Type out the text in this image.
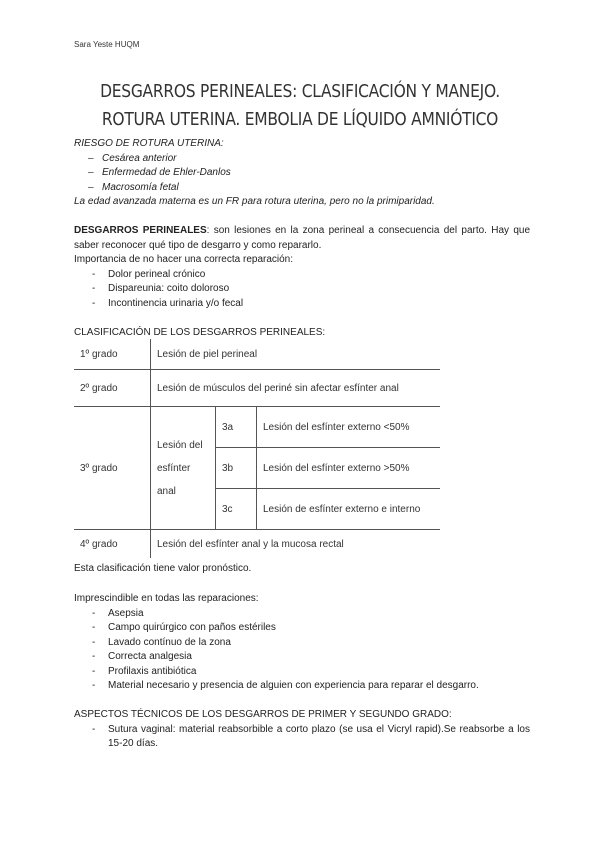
Sara Yeste HUQM
DESGARROS PERINEALES: CLASIFICACIÓN Y MANEJO.
ROTURA UTERINA. EMBOLIA DE LÍQUIDO AMNIÓTICO
RIESGO DE ROTURA UTERINA:
– Cesárea anterior
– Enfermedad de Ehler-Danlos
– Macrosomía fetal
La edad avanzada materna es un FR para rotura uterina, pero no la primiparidad.
DESGARROS PERINEALES: son lesiones en la zona perineal a consecuencia del parto. Hay que saber reconocer qué tipo de desgarro y como repararlo.
Importancia de no hacer una correcta reparación:
- Dolor perineal crónico
- Dispareunia: coito doloroso
- Incontinencia urinaria y/o fecal
CLASIFICACIÓN DE LOS DESGARROS PERINEALES:
1º grado	Lesión de piel perineal		
2º grado	Lesión de músculos del periné sin afectar esfínter anal		
3º grado	Lesión del esfínter anal	3a	Lesión del esfínter externo <50%
		3b	Lesión del esfínter externo >50%
		3c	Lesión de esfínter externo e interno
4º grado	Lesión del esfínter anal y la mucosa rectal		
Esta clasificación tiene valor pronóstico.
Imprescindible en todas las reparaciones:
- Asepsia
- Campo quirúrgico con paños estériles
- Lavado contínuo de la zona
- Correcta analgesia
- Profilaxis antibiótica
- Material necesario y presencia de alguien con experiencia para reparar el desgarro.
ASPECTOS TÉCNICOS DE LOS DESGARROS DE PRIMER Y SEGUNDO GRADO:
- Sutura vaginal: material reabsorbible a corto plazo (se usa el Vicryl rapid).Se reabsorbe a los 15-20 días.
